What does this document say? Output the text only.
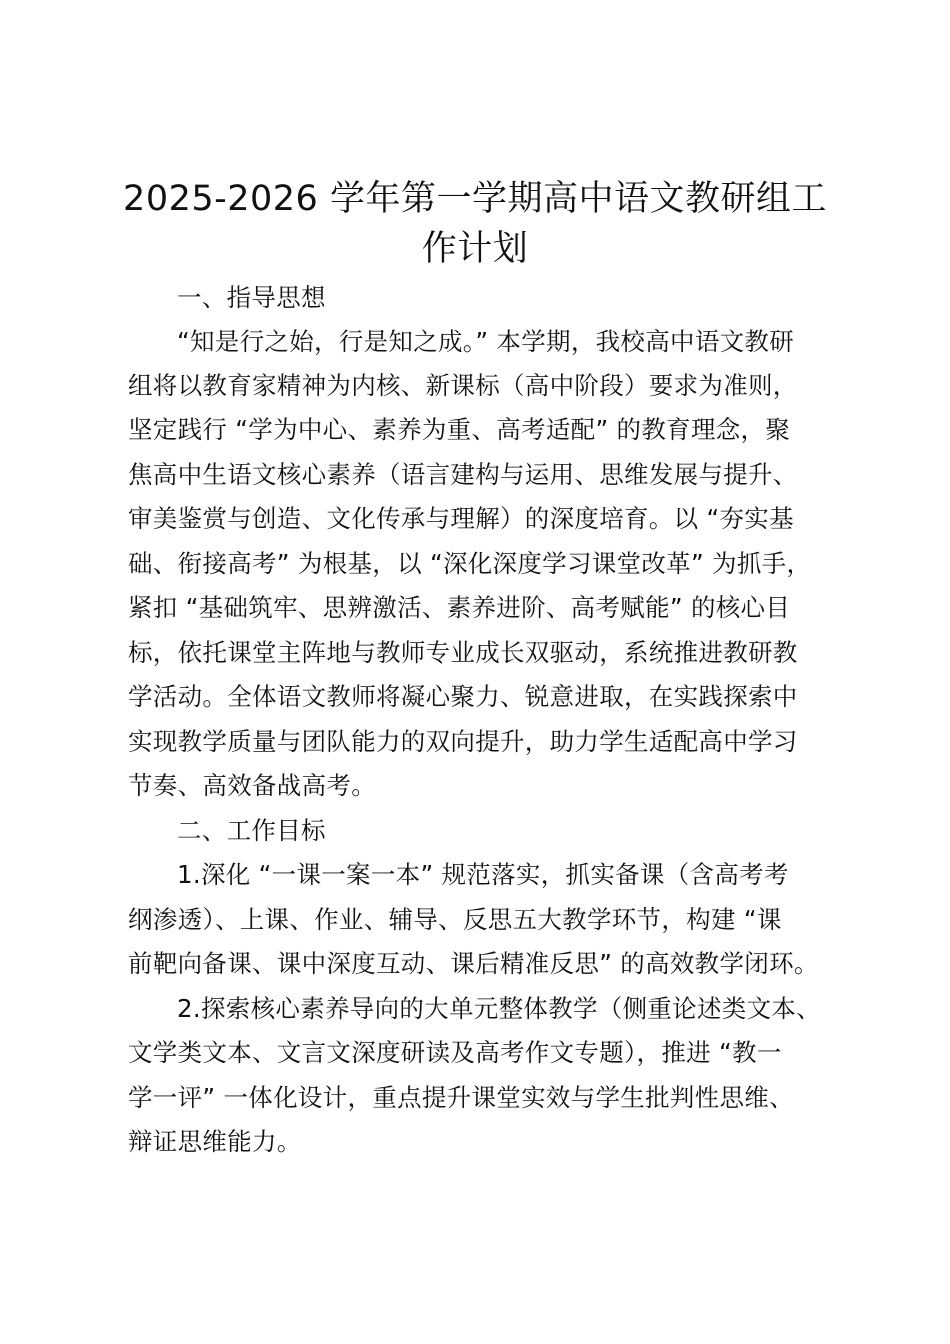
2025-2026 学年第一学期高中语文教研组工
作计划
一、指导思想
“知是行之始，行是知之成。” 本学期，我校高中语文教研
组将以教育家精神为内核、新课标（高中阶段）要求为准则，
坚定践行 “学为中心、素养为重、高考适配” 的教育理念，聚
焦高中生语文核心素养（语言建构与运用、思维发展与提升、
审美鉴赏与创造、文化传承与理解）的深度培育。以 “夯实基
础、衔接高考” 为根基，以 “深化深度学习课堂改革” 为抓手，
紧扣 “基础筑牢、思辨激活、素养进阶、高考赋能” 的核心目
标，依托课堂主阵地与教师专业成长双驱动，系统推进教研教
学活动。全体语文教师将凝心聚力、锐意进取，在实践探索中
实现教学质量与团队能力的双向提升，助力学生适配高中学习
节奏、高效备战高考。
二、工作目标
1.深化 “一课一案一本” 规范落实，抓实备课（含高考考
纲渗透）、上课、作业、辅导、反思五大教学环节，构建 “课
前靶向备课、课中深度互动、课后精准反思” 的高效教学闭环。
2.探索核心素养导向的大单元整体教学（侧重论述类文本、
文学类文本、文言文深度研读及高考作文专题），推进 “教一
学一评” 一体化设计，重点提升课堂实效与学生批判性思维、
辩证思维能力。
